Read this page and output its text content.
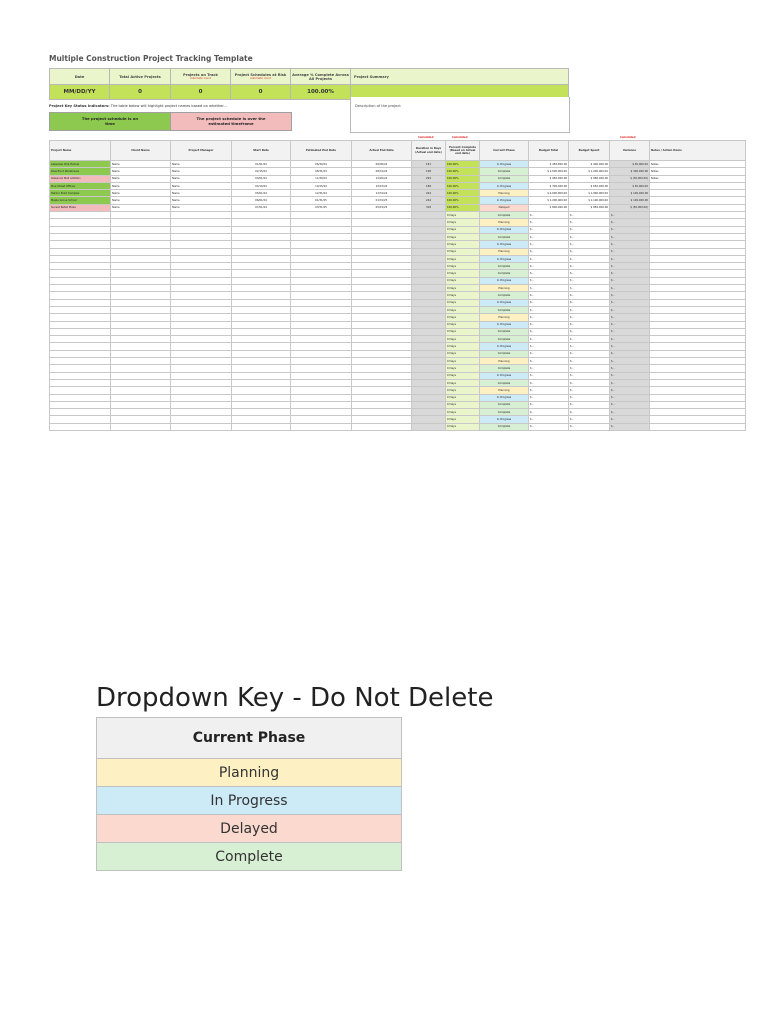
Multiple Construction Project Tracking Template
Date	Total Active Projects	Projects on Track
Automatic count	Project Schedules at Risk
Automatic count	Average % Complete Across All Projects	Project Summary
MM/DD/YY	0	0	0	100.00%	
Description of the project
Project Key Status Indicators: The table below will highlight project names based on whether...
The project schedule is on time
The project schedule is over the estimated timeframe
Calculated	Calculated	Calculated
Project Name	Client Name	Project Manager	Start Date	Estimated End Date	Actual End Date	Duration in Days (Actual end date)	Percent Complete (Based on Actual end date)	Current Phase	Budget Total	Budget Spent	Variance	Notes / Action Items
Lakeview Villa Homes	Name	Name	01/01/24	06/30/24	06/30/24	181	100.00%	In Progress	$ 450,000.00	$ 400,000.00	$ 50,000.00	Notes
Riverfront Warehouse	Name	Name	02/15/24	08/31/24	08/31/24	198	100.00%	Complete	$ 1,500,000.00	$ 1,200,000.00	$ 300,000.00	Notes
Oakwood Mall Addition	Name	Name	03/01/24	11/30/24	12/20/24	294	100.00%	Complete	$ 950,000.00	$ 980,000.00	$ (30,000.00)	Notes
Pine Street Offices	Name	Name	04/10/24	10/15/24	10/15/24	188	100.00%	In Progress	$ 700,000.00	$ 650,000.00	$ 50,000.00	
Harbor Point Complex	Name	Name	05/01/24	12/31/24	12/31/24	244	100.00%	Planning	$ 2,000,000.00	$ 1,900,000.00	$ 100,000.00	
Maple Grove School	Name	Name	06/01/24	01/31/25	01/31/25	244	100.00%	In Progress	$ 1,200,000.00	$ 1,100,000.00	$ 100,000.00	
Sunset Retail Plaza	Name	Name	07/01/24	03/31/25	05/15/25	318	100.00%	Delayed	$ 800,000.00	$ 850,000.00	$ (50,000.00)	
							0 Days	Complete	$ -	$ -	$ -	
							0 Days	Planning	$ -	$ -	$ -	
							0 Days	In Progress	$ -	$ -	$ -	
							0 Days	Complete	$ -	$ -	$ -	
							0 Days	In Progress	$ -	$ -	$ -	
							0 Days	Planning	$ -	$ -	$ -	
							0 Days	In Progress	$ -	$ -	$ -	
							0 Days	Complete	$ -	$ -	$ -	
							0 Days	Complete	$ -	$ -	$ -	
							0 Days	In Progress	$ -	$ -	$ -	
							0 Days	Planning	$ -	$ -	$ -	
							0 Days	Complete	$ -	$ -	$ -	
							0 Days	In Progress	$ -	$ -	$ -	
							0 Days	Complete	$ -	$ -	$ -	
							0 Days	Planning	$ -	$ -	$ -	
							0 Days	In Progress	$ -	$ -	$ -	
							0 Days	Complete	$ -	$ -	$ -	
							0 Days	Complete	$ -	$ -	$ -	
							0 Days	In Progress	$ -	$ -	$ -	
							0 Days	Complete	$ -	$ -	$ -	
							0 Days	Planning	$ -	$ -	$ -	
							0 Days	Complete	$ -	$ -	$ -	
							0 Days	In Progress	$ -	$ -	$ -	
							0 Days	Complete	$ -	$ -	$ -	
							0 Days	Planning	$ -	$ -	$ -	
							0 Days	In Progress	$ -	$ -	$ -	
							0 Days	Complete	$ -	$ -	$ -	
							0 Days	Complete	$ -	$ -	$ -	
							0 Days	In Progress	$ -	$ -	$ -	
							0 Days	Complete	$ -	$ -	$ -	
Dropdown Key - Do Not Delete
Current Phase
Planning
In Progress
Delayed
Complete
